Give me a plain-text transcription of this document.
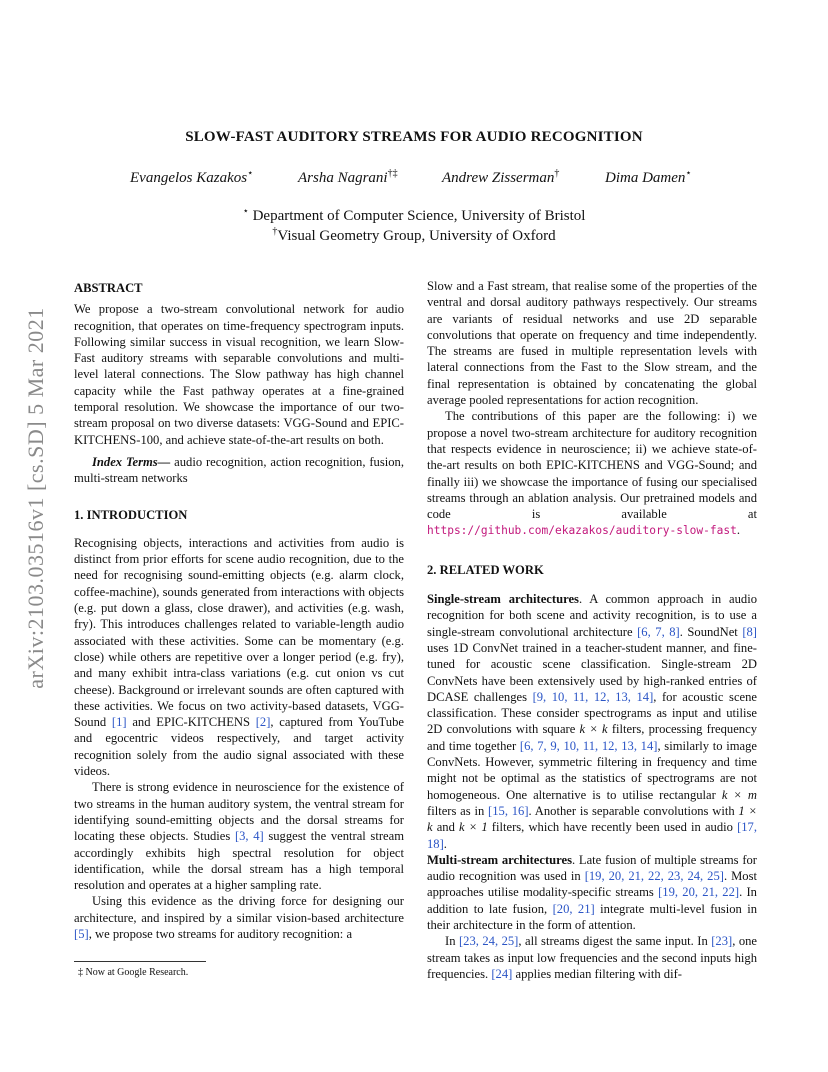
arXiv:2103.03516v1 [cs.SD] 5 Mar 2021
SLOW-FAST AUDITORY STREAMS FOR AUDIO RECOGNITION
Evangelos Kazakos⋆	Arsha Nagrani†‡	Andrew Zisserman†	Dima Damen⋆
⋆ Department of Computer Science, University of Bristol
†Visual Geometry Group, University of Oxford

ABSTRACT

We propose a two-stream convolutional network for audio recognition, that operates on time-frequency spectrogram inputs. Following similar success in visual recognition, we learn Slow-Fast auditory streams with separable convolutions and multi-level lateral connections. The Slow pathway has high channel capacity while the Fast pathway operates at a fine-grained temporal resolution. We showcase the importance of our two-stream proposal on two diverse datasets: VGG-Sound and EPIC-KITCHENS-100, and achieve state-of-the-art results on both.

Index Terms— audio recognition, action recognition, fusion, multi-stream networks

1. INTRODUCTION

Recognising objects, interactions and activities from audio is distinct from prior efforts for scene audio recognition, due to the need for recognising sound-emitting objects (e.g. alarm clock, coffee-machine), sounds generated from interactions with objects (e.g. put down a glass, close drawer), and activities (e.g. wash, fry). This introduces challenges related to variable-length audio associated with these activities. Some can be momentary (e.g. close) while others are repetitive over a longer period (e.g. fry), and many exhibit intra-class variations (e.g. cut onion vs cut cheese). Background or irrelevant sounds are often captured with these activities. We focus on two activity-based datasets, VGG-Sound [1] and EPIC-KITCHENS [2], captured from YouTube and egocentric videos respectively, and target activity recognition solely from the audio signal associated with these videos.

There is strong evidence in neuroscience for the existence of two streams in the human auditory system, the ventral stream for identifying sound-emitting objects and the dorsal streams for locating these objects. Studies [3, 4] suggest the ventral stream accordingly exhibits high spectral resolution for object identification, while the dorsal stream has a high temporal resolution and operates at a higher sampling rate.

Using this evidence as the driving force for designing our architecture, and inspired by a similar vision-based architecture [5], we propose two streams for auditory recognition: a

‡ Now at Google Research.

Slow and a Fast stream, that realise some of the properties of the ventral and dorsal auditory pathways respectively. Our streams are variants of residual networks and use 2D separable convolutions that operate on frequency and time independently. The streams are fused in multiple representation levels with lateral connections from the Fast to the Slow stream, and the final representation is obtained by concatenating the global average pooled representations for action recognition.

The contributions of this paper are the following: i) we propose a novel two-stream architecture for auditory recognition that respects evidence in neuroscience; ii) we achieve state-of-the-art results on both EPIC-KITCHENS and VGG-Sound; and finally iii) we showcase the importance of fusing our specialised streams through an ablation analysis. Our pretrained models and code is available at https://github.com/ekazakos/auditory-slow-fast.

2. RELATED WORK

Single-stream architectures. A common approach in audio recognition for both scene and activity recognition, is to use a single-stream convolutional architecture [6, 7, 8]. SoundNet [8] uses 1D ConvNet trained in a teacher-student manner, and fine-tuned for acoustic scene classification. Single-stream 2D ConvNets have been extensively used by high-ranked entries of DCASE challenges [9, 10, 11, 12, 13, 14], for acoustic scene classification. These consider spectrograms as input and utilise 2D convolutions with square k × k filters, processing frequency and time together [6, 7, 9, 10, 11, 12, 13, 14], similarly to image ConvNets. However, symmetric filtering in frequency and time might not be optimal as the statistics of spectrograms are not homogeneous. One alternative is to utilise rectangular k × m filters as in [15, 16]. Another is separable convolutions with 1 × k and k × 1 filters, which have recently been used in audio [17, 18].

Multi-stream architectures. Late fusion of multiple streams for audio recognition was used in [19, 20, 21, 22, 23, 24, 25]. Most approaches utilise modality-specific streams [19, 20, 21, 22]. In addition to late fusion, [20, 21] integrate multi-level fusion in their architecture in the form of attention.

In [23, 24, 25], all streams digest the same input. In [23], one stream takes as input low frequencies and the second inputs high frequencies. [24] applies median filtering with dif-
